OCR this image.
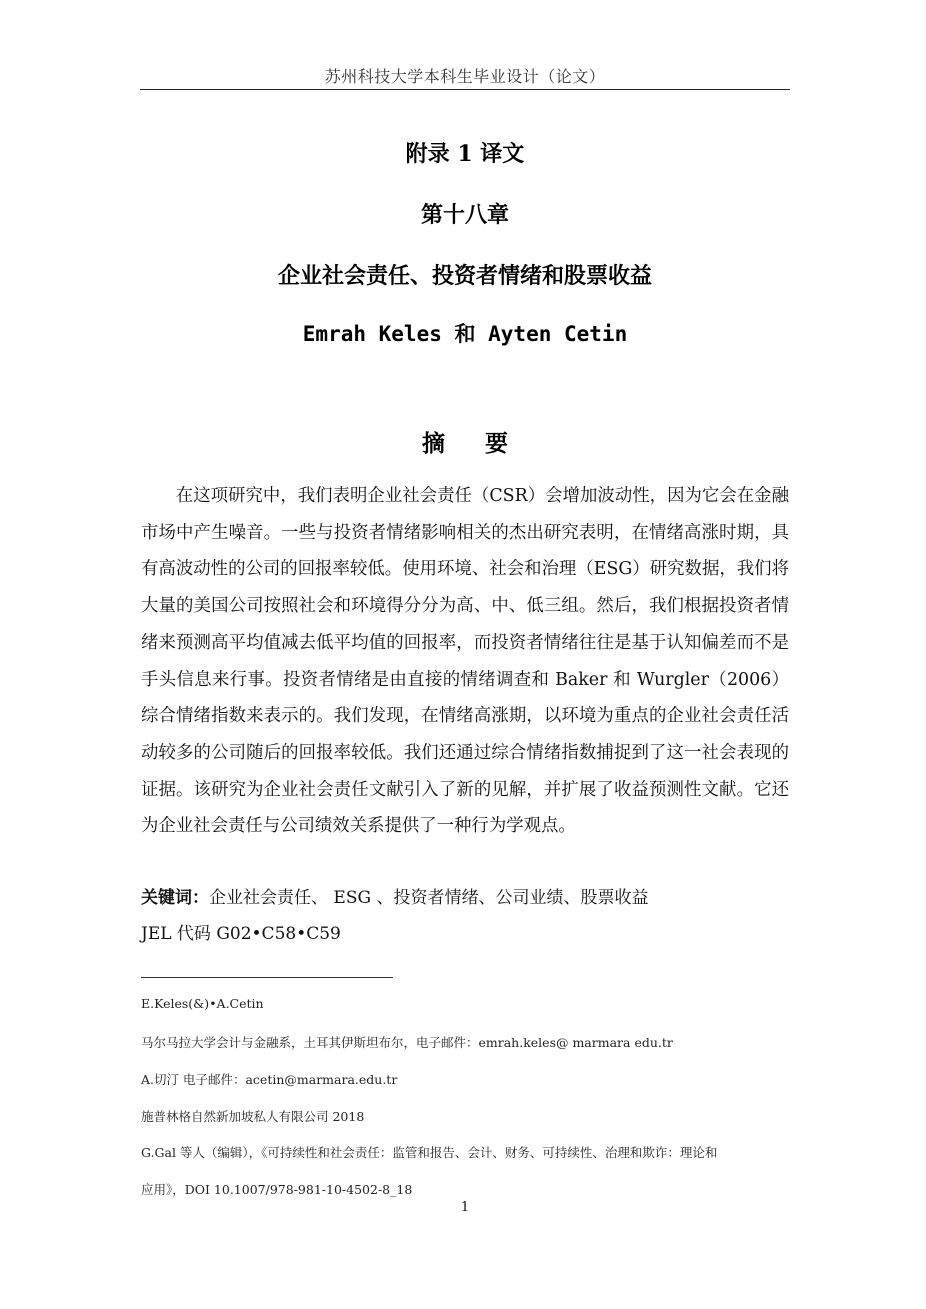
苏州科技大学本科生毕业设计（论文）
附录 1 译文
第十八章
企业社会责任、投资者情绪和股票收益
Emrah Keles 和 Ayten Cetin
摘 要

在这项研究中，我们表明企业社会责任（CSR）会增加波动性，因为它会在金融市场中产生噪音。一些与投资者情绪影响相关的杰出研究表明，在情绪高涨时期，具有高波动性的公司的回报率较低。使用环境、社会和治理（ESG）研究数据，我们将大量的美国公司按照社会和环境得分分为高、中、低三组。然后，我们根据投资者情绪来预测高平均值减去低平均值的回报率，而投资者情绪往往是基于认知偏差而不是手头信息来行事。投资者情绪是由直接的情绪调查和 Baker 和 Wurgler（2006）综合情绪指数来表示的。我们发现，在情绪高涨期，以环境为重点的企业社会责任活动较多的公司随后的回报率较低。我们还通过综合情绪指数捕捉到了这一社会表现的证据。该研究为企业社会责任文献引入了新的见解，并扩展了收益预测性文献。它还为企业社会责任与公司绩效关系提供了一种行为学观点。

关键词：企业社会责任、 ESG 、投资者情绪、公司业绩、股票收益
JEL 代码 G02•C58•C59
E.Keles(&)•A.Cetin
马尔马拉大学会计与金融系，土耳其伊斯坦布尔，电子邮件：emrah.keles@ marmara edu.tr
A.切汀 电子邮件：acetin@marmara.edu.tr
施普林格自然新加坡私人有限公司 2018
G.Gal 等人（编辑），《可持续性和社会责任：监管和报告、会计、财务、可持续性、治理和欺诈：理论和
应用》，DOI 10.1007/978-981-10-4502-8_18
1
